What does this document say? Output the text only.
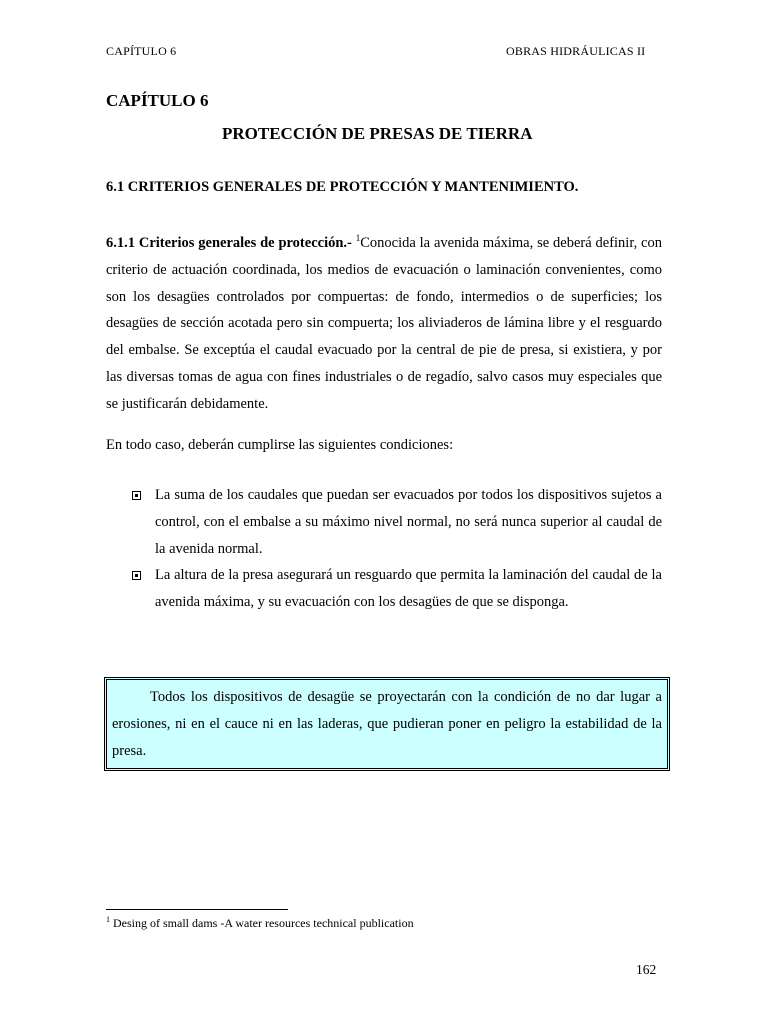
CAPÍTULO 6	OBRAS HIDRÁULICAS II
CAPÍTULO 6
PROTECCIÓN DE PRESAS DE TIERRA
6.1 CRITERIOS GENERALES DE PROTECCIÓN Y MANTENIMIENTO.
6.1.1 Criterios generales de protección.- $^1$Conocida la avenida máxima, se deberá definir, con criterio de actuación coordinada, los medios de evacuación o laminación convenientes, como son los desagües controlados por compuertas: de fondo, intermedios o de superficies; los desagües de sección acotada pero sin compuerta; los aliviaderos de lámina libre y el resguardo del embalse. Se exceptúa el caudal evacuado por la central de pie de presa, si existiera, y por las diversas tomas de agua con fines industriales o de regadío, salvo casos muy especiales que se justificarán debidamente.
En todo caso, deberán cumplirse las siguientes condiciones:
La suma de los caudales que puedan ser evacuados por todos los dispositivos sujetos a control, con el embalse a su máximo nivel normal, no será nunca superior al caudal de la avenida normal.
La altura de la presa asegurará un resguardo que permita la laminación del caudal de la avenida máxima, y su evacuación con los desagües de que se disponga.

Todos los dispositivos de desagüe se proyectarán con la condición de no dar lugar a erosiones, ni en el cauce ni en las laderas, que pudieran poner en peligro la estabilidad de la presa.

$^1$ Desing of small dams -A water resources technical publication
162
